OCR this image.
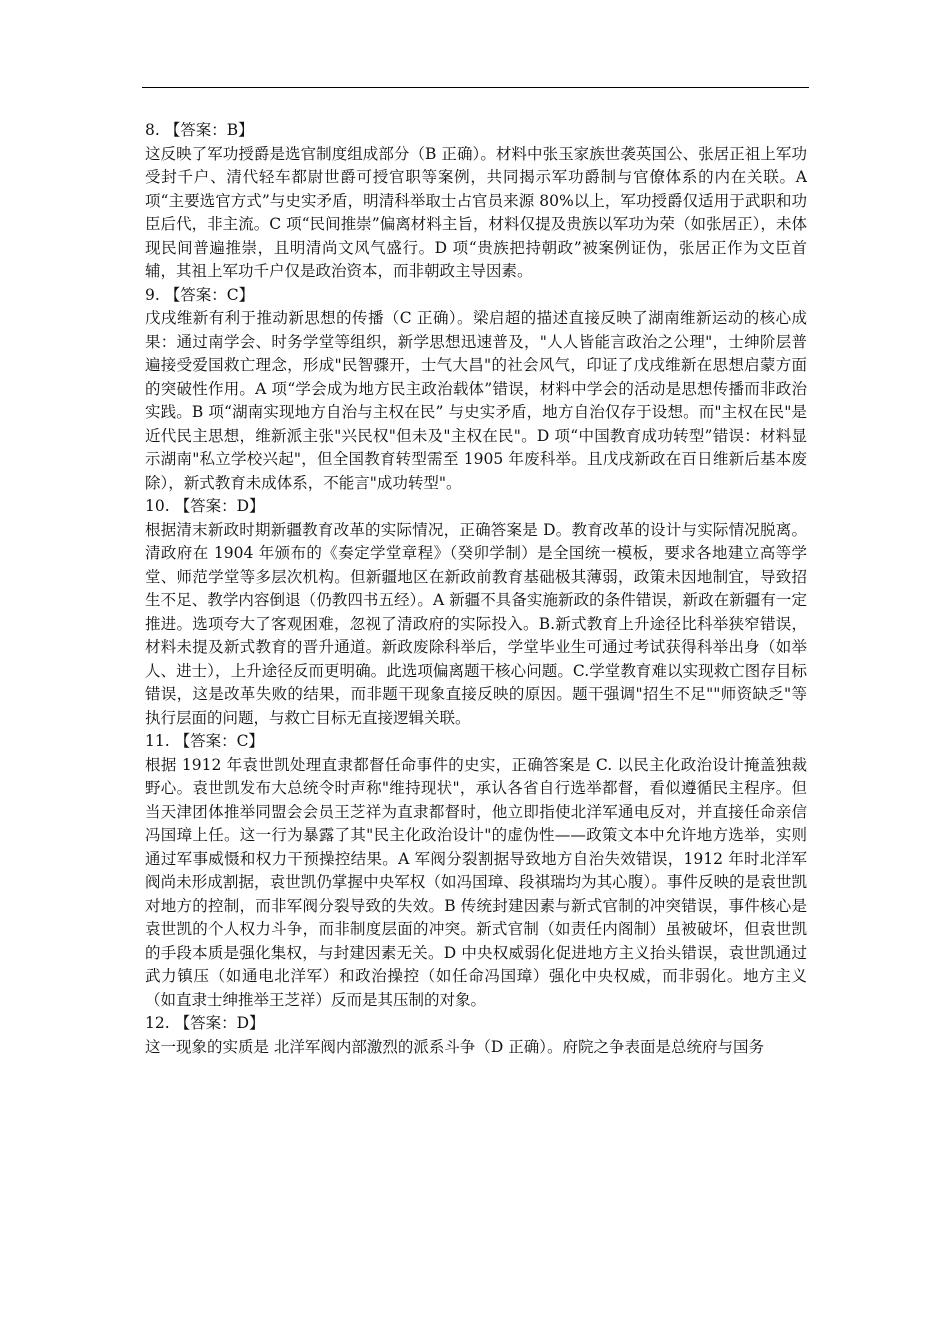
8. 【答案：B】

这反映了军功授爵是选官制度组成部分（B 正确）。材料中张玉家族世袭英国公、张居正祖上军功受封千户、清代轻车都尉世爵可授官职等案例，共同揭示军功爵制与官僚体系的内在关联。A 项“主要选官方式”与史实矛盾，明清科举取士占官员来源 80%以上，军功授爵仅适用于武职和功臣后代，非主流。C 项“民间推崇”偏离材料主旨，材料仅提及贵族以军功为荣（如张居正），未体现民间普遍推崇，且明清尚文风气盛行。D 项“贵族把持朝政”被案例证伪，张居正作为文臣首辅，其祖上军功千户仅是政治资本，而非朝政主导因素。

9. 【答案：C】

戊戌维新有利于推动新思想的传播（C 正确）。梁启超的描述直接反映了湖南维新运动的核心成果：通过南学会、时务学堂等组织，新学思想迅速普及，"人人皆能言政治之公理"，士绅阶层普遍接受爱国救亡理念，形成"民智骤开，士气大昌"的社会风气，印证了戊戌维新在思想启蒙方面的突破性作用。A 项“学会成为地方民主政治载体”错误，材料中学会的活动是思想传播而非政治实践。B 项“湖南实现地方自治与主权在民” 与史实矛盾，地方自治仅存于设想。而"主权在民"是近代民主思想，维新派主张"兴民权"但未及"主权在民"。D 项“中国教育成功转型”错误：材料显示湖南"私立学校兴起"，但全国教育转型需至 1905 年废科举。且戊戌新政在百日维新后基本废除），新式教育未成体系，不能言"成功转型"。

10. 【答案：D】

根据清末新政时期新疆教育改革的实际情况，正确答案是 D。教育改革的设计与实际情况脱离。清政府在 1904 年颁布的《奏定学堂章程》（癸卯学制）是全国统一模板，要求各地建立高等学堂、师范学堂等多层次机构。但新疆地区在新政前教育基础极其薄弱，政策未因地制宜，导致招生不足、教学内容倒退（仍教四书五经）。A 新疆不具备实施新政的条件错误，新政在新疆有一定推进。选项夸大了客观困难，忽视了清政府的实际投入。B.新式教育上升途径比科举狭窄错误，材料未提及新式教育的晋升通道。新政废除科举后，学堂毕业生可通过考试获得科举出身（如举人、进士），上升途径反而更明确。此选项偏离题干核心问题。C.学堂教育难以实现救亡图存目标错误，这是改革失败的结果，而非题干现象直接反映的原因。题干强调"招生不足""师资缺乏"等执行层面的问题，与救亡目标无直接逻辑关联。

11. 【答案：C】

根据 1912 年袁世凯处理直隶都督任命事件的史实，正确答案是 C. 以民主化政治设计掩盖独裁野心。袁世凯发布大总统令时声称"维持现状"，承认各省自行选举都督，看似遵循民主程序。但当天津团体推举同盟会会员王芝祥为直隶都督时，他立即指使北洋军通电反对，并直接任命亲信冯国璋上任。这一行为暴露了其"民主化政治设计"的虚伪性——政策文本中允许地方选举，实则通过军事威慑和权力干预操控结果。A 军阀分裂割据导致地方自治失效错误，1912 年时北洋军阀尚未形成割据，袁世凯仍掌握中央军权（如冯国璋、段祺瑞均为其心腹）。事件反映的是袁世凯对地方的控制，而非军阀分裂导致的失效。B 传统封建因素与新式官制的冲突错误，事件核心是袁世凯的个人权力斗争，而非制度层面的冲突。新式官制（如责任内阁制）虽被破坏，但袁世凯的手段本质是强化集权，与封建因素无关。D 中央权威弱化促进地方主义抬头错误，袁世凯通过武力镇压（如通电北洋军）和政治操控（如任命冯国璋）强化中央权威，而非弱化。地方主义（如直隶士绅推举王芝祥）反而是其压制的对象。

12. 【答案：D】

这一现象的实质是 北洋军阀内部激烈的派系斗争（D 正确）。府院之争表面是总统府与国务
